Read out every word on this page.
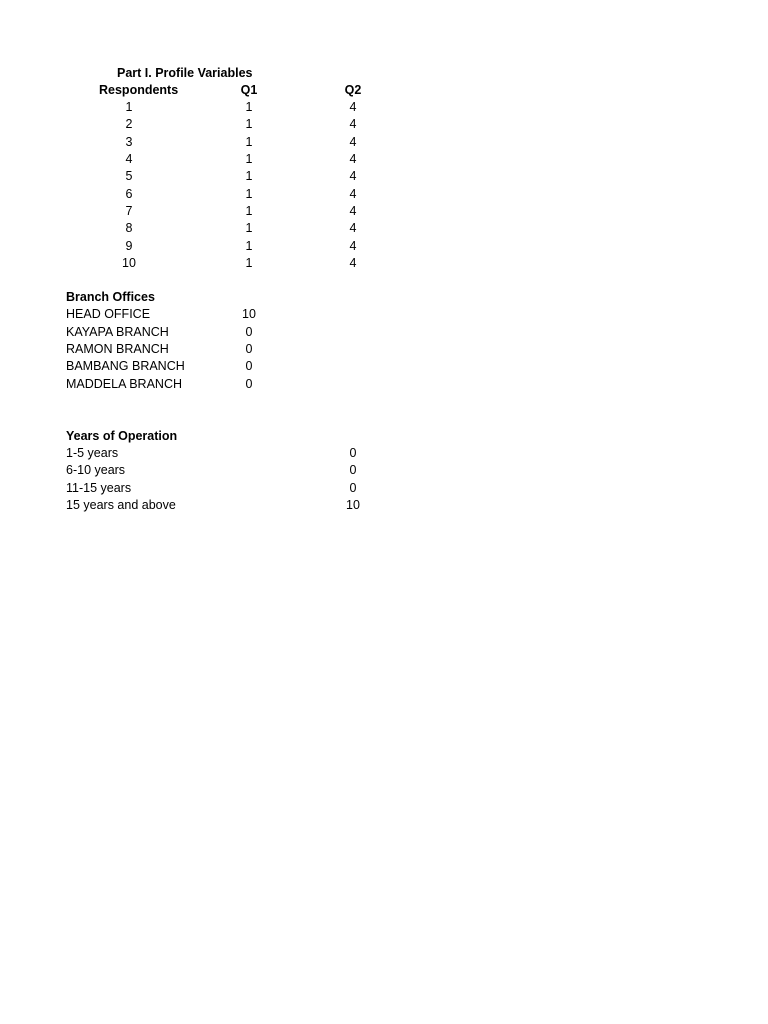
Part I. Profile Variables
Respondents	Q1	Q2
1	1	4
2	1	4
3	1	4
4	1	4
5	1	4
6	1	4
7	1	4
8	1	4
9	1	4
10	1	4
Branch Offices
HEAD OFFICE	10
KAYAPA BRANCH	0
RAMON BRANCH	0
BAMBANG BRANCH	0
MADDELA BRANCH	0
Years of Operation
1-5 years	0
6-10 years	0
11-15 years	0
15 years and above	10
